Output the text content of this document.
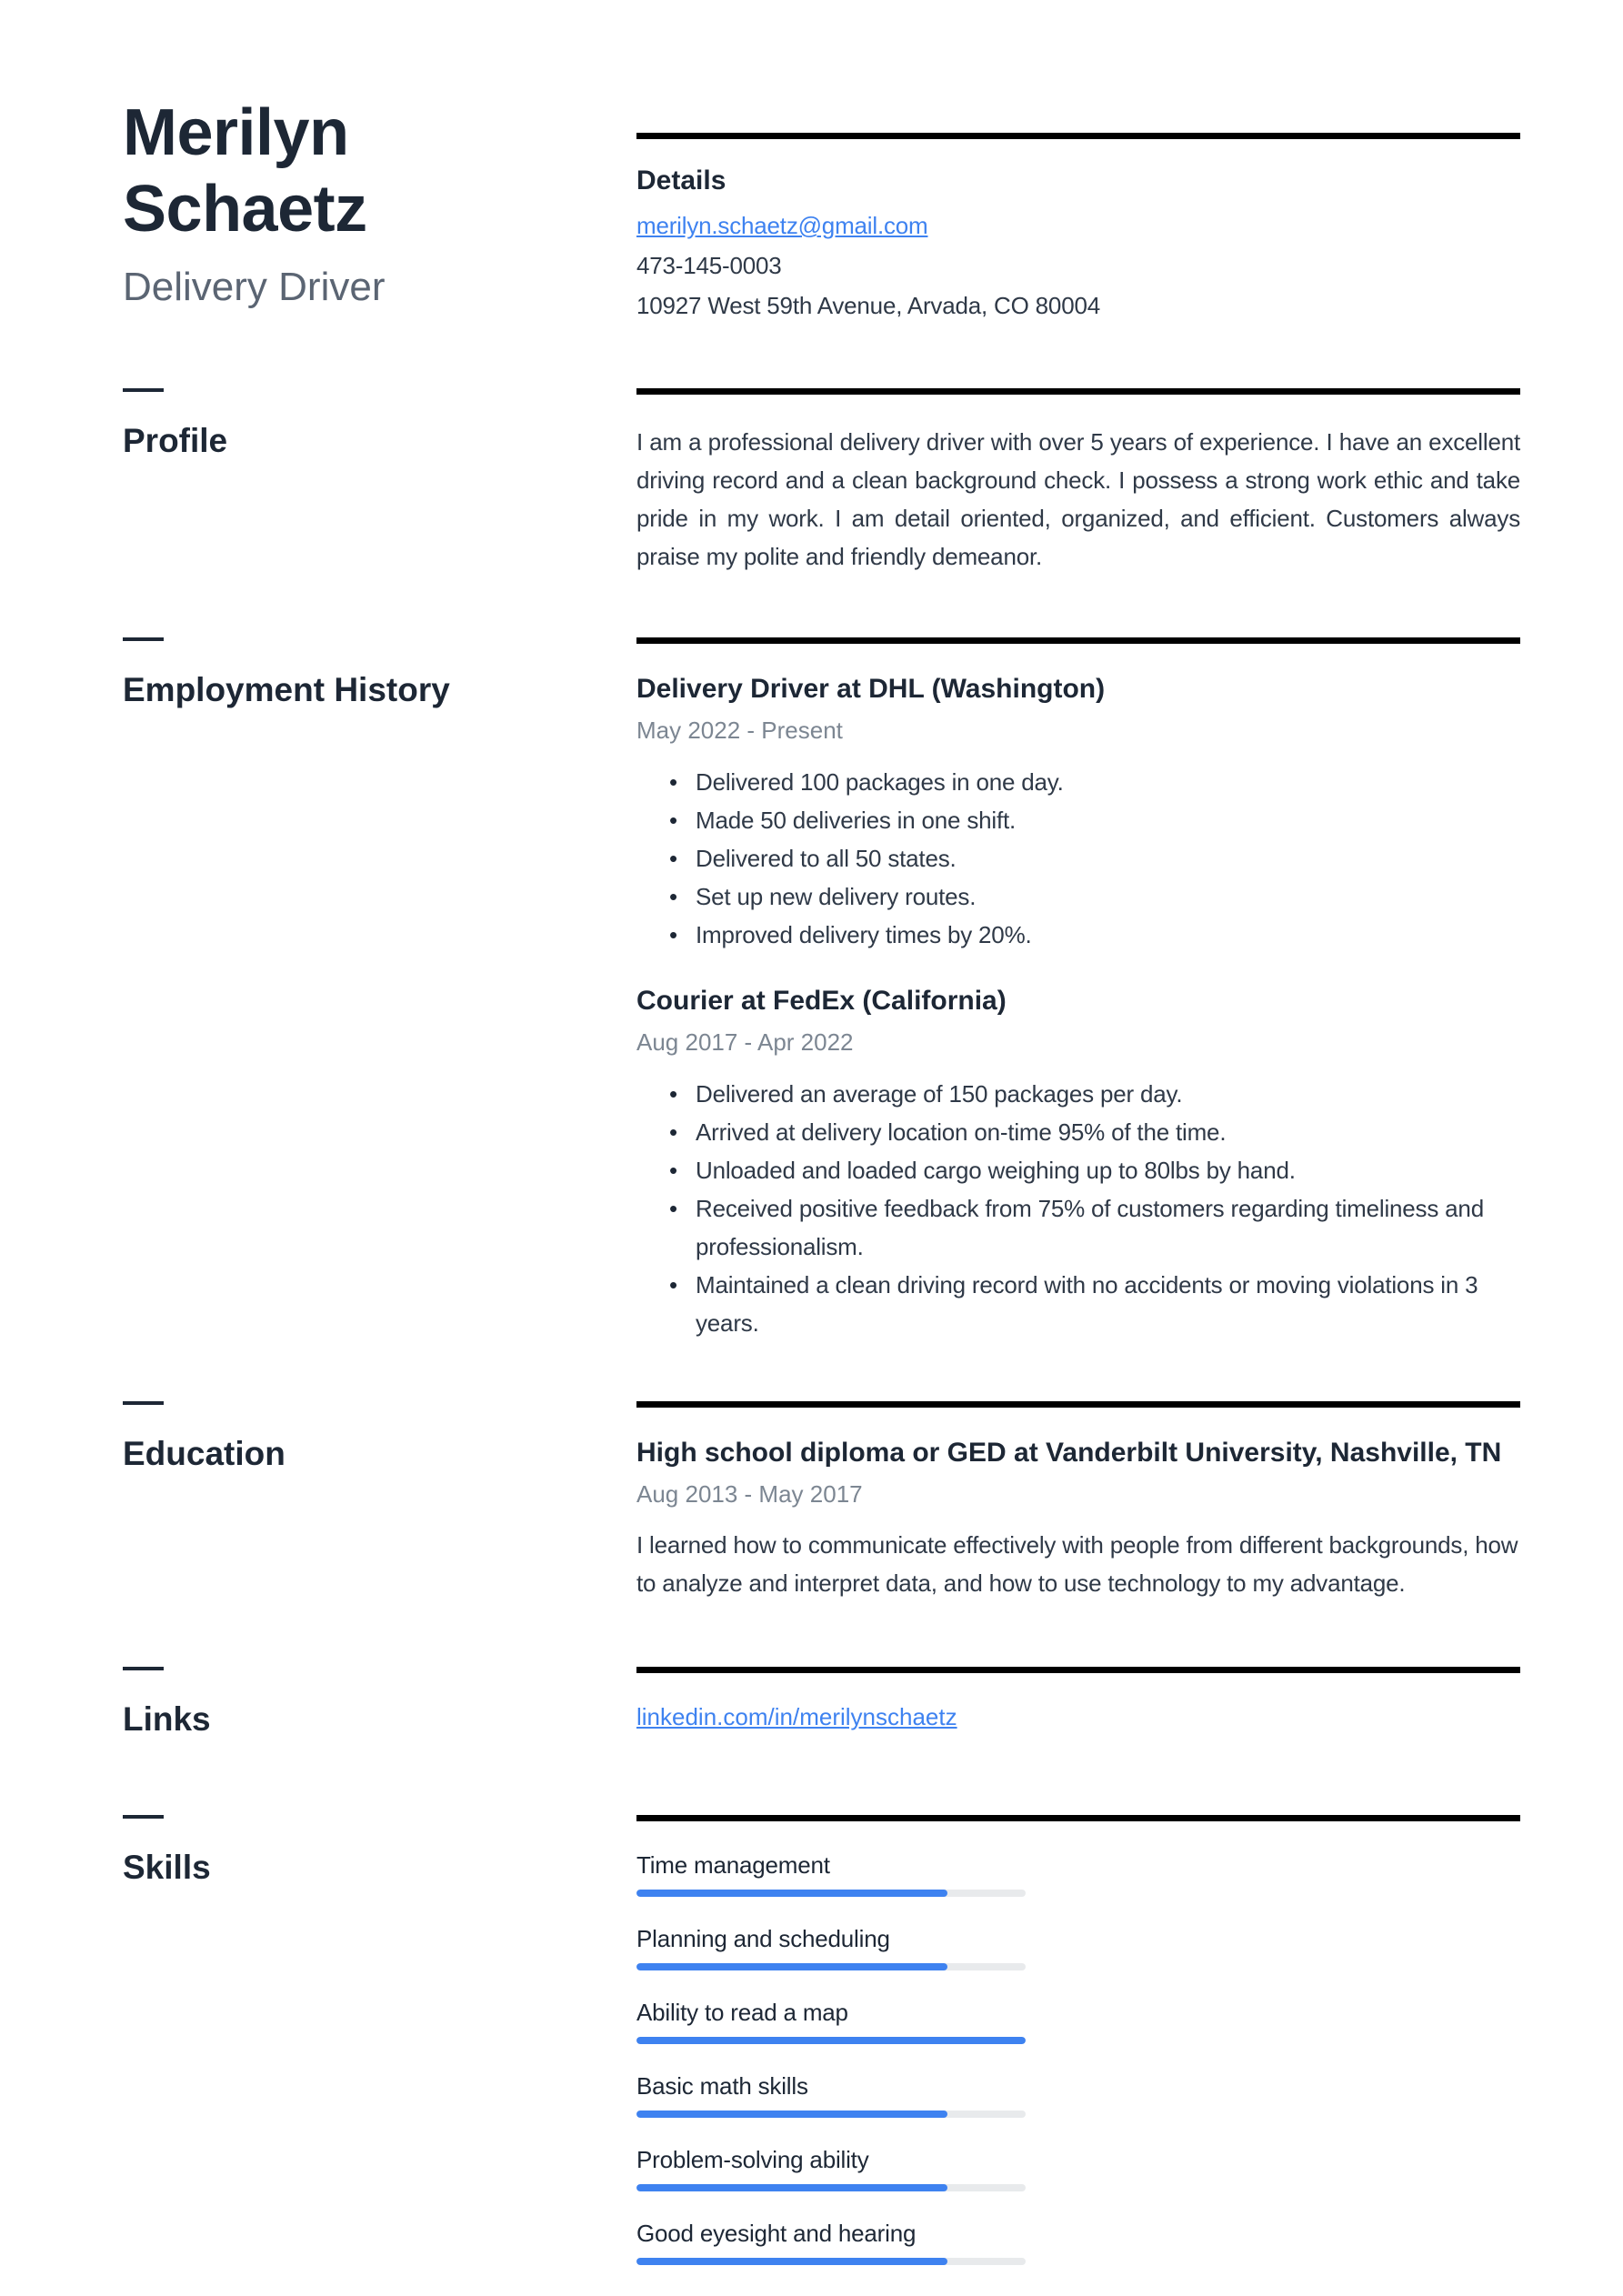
Merilyn
Schaetz
Delivery Driver
Details
merilyn.schaetz@gmail.com
473-145-0003
10927 West 59th Avenue, Arvada, CO 80004
Profile	I am a professional delivery driver with over 5 years of experience. I have an excellent driving record and a clean background check. I possess a strong work ethic and take pride in my work. I am detail oriented, organized, and efficient. Customers always praise my polite and friendly demeanor.
Employment History	Delivery Driver at DHL (Washington)
May 2022 - Present
• Delivered 100 packages in one day.
• Made 50 deliveries in one shift.
• Delivered to all 50 states.
• Set up new delivery routes.
• Improved delivery times by 20%.
Courier at FedEx (California)
Aug 2017 - Apr 2022
• Delivered an average of 150 packages per day.
• Arrived at delivery location on-time 95% of the time.
• Unloaded and loaded cargo weighing up to 80lbs by hand.
• Received positive feedback from 75% of customers regarding timeliness and professionalism.
• Maintained a clean driving record with no accidents or moving violations in 3 years.
Education	High school diploma or GED at Vanderbilt University, Nashville, TN
Aug 2013 - May 2017
I learned how to communicate effectively with people from different backgrounds, how to analyze and interpret data, and how to use technology to my advantage.
Links	linkedin.com/in/merilynschaetz
Skills	Time management
Planning and scheduling
Ability to read a map
Basic math skills
Problem-solving ability
Good eyesight and hearing
